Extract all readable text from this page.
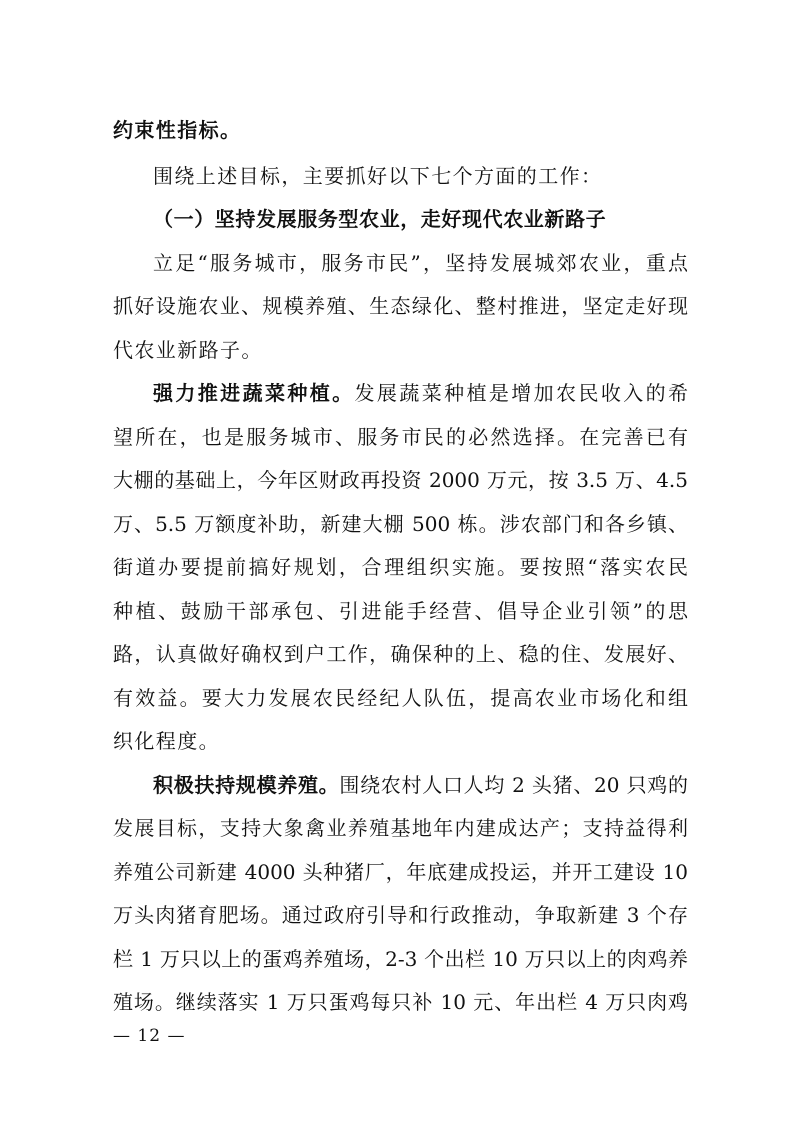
约束性指标。
围绕上述目标，主要抓好以下七个方面的工作：
（一）坚持发展服务型农业，走好现代农业新路子
立足“服务城市，服务市民”，坚持发展城郊农业，重点
抓好设施农业、规模养殖、生态绿化、整村推进，坚定走好现
代农业新路子。
强力推进蔬菜种植。发展蔬菜种植是增加农民收入的希
望所在，也是服务城市、服务市民的必然选择。在完善已有
大棚的基础上，今年区财政再投资 2000 万元，按 3.5 万、4.5
万、5.5 万额度补助，新建大棚 500 栋。涉农部门和各乡镇、
街道办要提前搞好规划，合理组织实施。要按照“落实农民
种植、鼓励干部承包、引进能手经营、倡导企业引领”的思
路，认真做好确权到户工作，确保种的上、稳的住、发展好、
有效益。要大力发展农民经纪人队伍，提高农业市场化和组
织化程度。
积极扶持规模养殖。围绕农村人口人均 2 头猪、20 只鸡的
发展目标，支持大象禽业养殖基地年内建成达产；支持益得利
养殖公司新建 4000 头种猪厂，年底建成投运，并开工建设 10
万头肉猪育肥场。通过政府引导和行政推动，争取新建 3 个存
栏 1 万只以上的蛋鸡养殖场，2-3 个出栏 10 万只以上的肉鸡养
殖场。继续落实 1 万只蛋鸡每只补 10 元、年出栏 4 万只肉鸡
— 12 —
